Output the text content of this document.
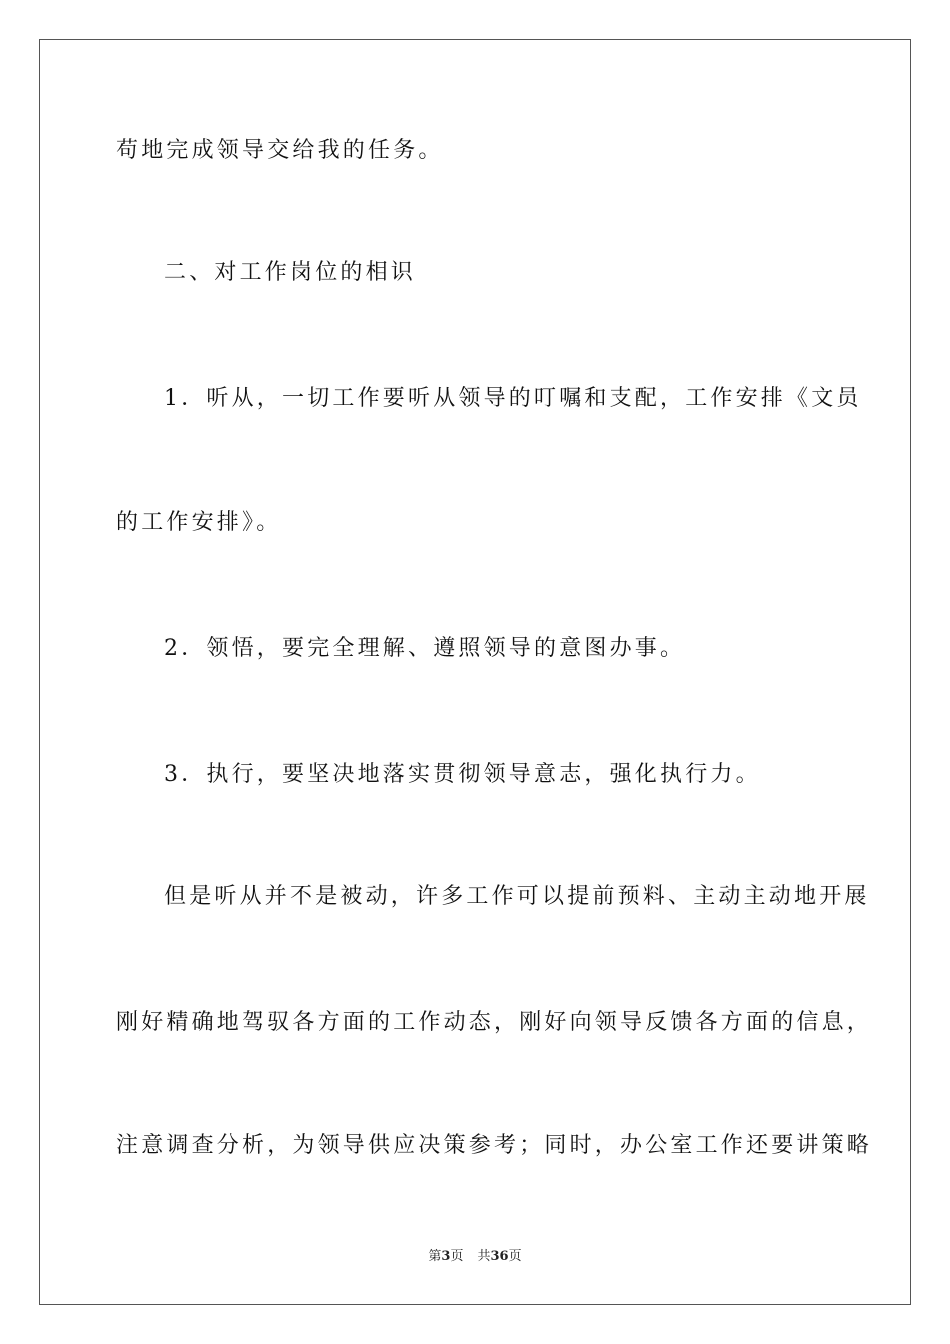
苟地完成领导交给我的任务。

二、对工作岗位的相识

1．听从，一切工作要听从领导的叮嘱和支配，工作安排《文员

的工作安排》。

2．领悟，要完全理解、遵照领导的意图办事。

3．执行，要坚决地落实贯彻领导意志，强化执行力。

但是听从并不是被动，许多工作可以提前预料、主动主动地开展

刚好精确地驾驭各方面的工作动态，刚好向领导反馈各方面的信息，

注意调查分析，为领导供应决策参考；同时，办公室工作还要讲策略

第3页 共36页
